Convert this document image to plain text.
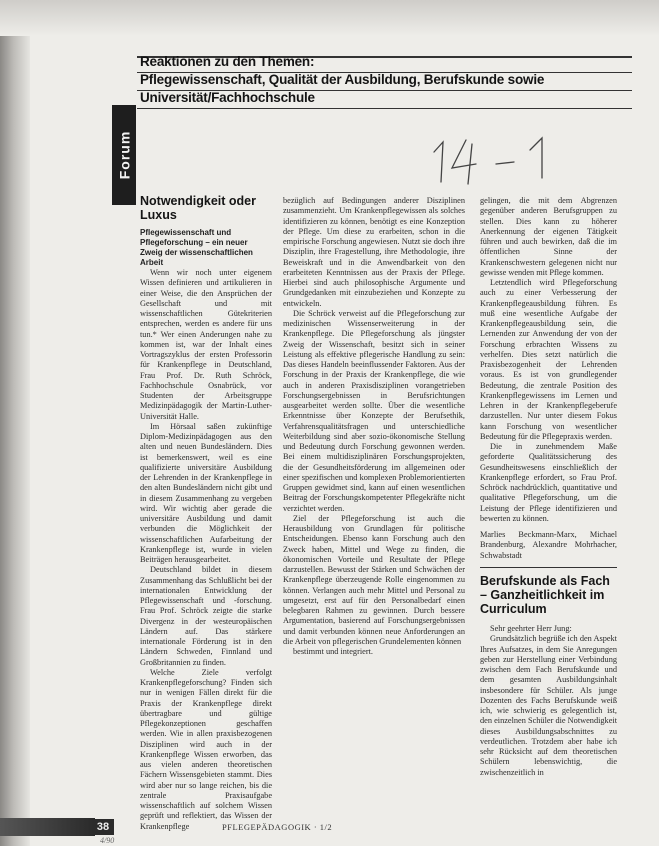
Reaktionen zu den Themen:
Pflegewissenschaft, Qualität der Ausbildung, Berufskunde sowie
Universität/Fachhochschule
Forum
Notwendigkeit oder Luxus
Pflegewissenschaft und Pflegeforschung – ein neuer Zweig der wissenschaftlichen Arbeit

Wenn wir noch unter eigenem Wissen definieren und artikulieren in einer Weise, die den Ansprüchen der Gesellschaft und mit wissenschaftlichen Gütekriterien entsprechen, werden es andere für uns tun.* Wer einen Anderungen nahe zu kommen ist, war der Inhalt eines Vortragszyklus der ersten Professorin für Krankenpflege in Deutschland, Frau Prof. Dr. Ruth Schröck, Fachhochschule Osnabrück, vor Studenten der Arbeitsgruppe Medizinpädagogik der Martin-Luther-Universität Halle.

Im Hörsaal saßen zukünftige Diplom-Medizinpädagogen aus den alten und neuen Bundesländern. Dies ist bemerkenswert, weil es eine qualifizierte universitäre Ausbildung der Lehrenden in der Krankenpflege in den alten Bundesländern nicht gibt und in diesem Zusammenhang zu vergeben wird. Wir wichtig aber gerade die universitäre Ausbildung und damit verbunden die Möglichkeit der wissenschaftlichen Aufarbeitung der Krankenpflege ist, wurde in vielen Beiträgen herausgearbeitet.

Deutschland bildet in diesem Zusammenhang das Schlußlicht bei der internationalen Entwicklung der Pflegewissenschaft und -forschung. Frau Prof. Schröck zeigte die starke Divergenz in der westeuropäischen Ländern auf. Das stärkere internationale Förderung ist in den Ländern Schweden, Finnland und Großbritannien zu finden.

Welche Ziele verfolgt Krankenpflegeforschung? Finden sich nur in wenigen Fällen direkt für die Praxis der Krankenpflege direkt übertragbare und gültige Pflegekonzeptionen geschaffen werden. Wie in allen praxisbezogenen Disziplinen wird auch in der Krankenpflege Wissen erworben, das aus vielen anderen theoretischen Fächern Wissensgebieten stammt. Dies wird aber nur so lange reichen, bis die zentrale Praxisaufgabe wissenschaftlich auf solchem Wissen geprüft und reflektiert, das Wissen der Krankenpflege

bezüglich auf Bedingungen anderer Disziplinen zusammenzieht. Um Krankenpflegewissen als solches identifizieren zu können, benötigt es eine Konzeption der Pflege. Um diese zu erarbeiten, schon in die empirische Forschung angewiesen. Nutzt sie doch ihre Disziplin, ihre Fragestellung, ihre Methodologie, ihre Beweiskraft und in die Anwendbarkeit von den erarbeiteten Kenntnissen aus der Praxis der Pflege. Hierbei sind auch philosophische Argumente und Grundgedanken mit einzubeziehen und Konzepte zu entwickeln.

Die Schröck verweist auf die Pflegeforschung zur medizinischen Wissenserweiterung in der Krankenpflege. Die Pflegeforschung als jüngster Zweig der Wissenschaft, besitzt sich in seiner Leistung als effektive pflegerische Handlung zu sein: Das dieses Handeln beeinflussender Faktoren. Aus der Forschung in der Praxis der Krankenpflege, die wie auch in anderen Praxisdisziplinen vorangetrieben Forschungsergebnissen in Berufsrichtungen ausgearbeitet werden sollte. Über die wesentliche Erkenntnisse über Konzepte der Berufsethik, Verfahrensqualitätsfragen und unterschiedliche Weiterbildung sind aber sozio-ökonomische Stellung und Bedeutung durch Forschung gewonnen werden. Bei einem multidisziplinären Forschungsprojekten, die der Gesundheitsförderung im allgemeinen oder einer spezifischen und komplexen Problemorientierten Gruppen gewidmet sind, kann auf einen wesentlichen Beitrag der Forschungskompetenter Pflegekräfte nicht verzichtet werden.

Ziel der Pflegeforschung ist auch die Herausbildung von Grundlagen für politische Entscheidungen. Ebenso kann Forschung auch den Zweck haben, Mittel und Wege zu finden, die ökonomischen Vorteile und Resultate der Pflege darzustellen. Bewusst der Stärken und Schwächen der Krankenpflege überzeugende Rolle eingenommen zu können. Verlangen auch mehr Mittel und Personal zu umgesetzt, erst auf für den Personalbedarf einen belegbaren Rahmen zu gewinnen. Durch bessere Argumentation, basierend auf Forschungsergebnissen und damit verbunden können neue Anforderungen an die Arbeit von pflegerischen Grundelementen können

bestimmt und integriert.

gelingen, die mit dem Abgrenzen gegenüber anderen Berufsgruppen zu stellen. Dies kann zu höherer Anerkennung der eigenen Tätigkeit führen und auch bewirken, daß die im öffentlichen Sinne der Krankenschwestern gelegenen nicht nur gewisse wenden mit Pflege kommen.

Letztendlich wird Pflegeforschung auch zu einer Verbesserung der Krankenpflegeausbildung führen. Es muß eine wesentliche Aufgabe der Krankenpflegeausbildung sein, die Lernenden zur Anwendung der von der Forschung erbrachten Wissens zu verhelfen. Dies setzt natürlich die Praxisbezogenheit der Lehrenden voraus. Es ist von grundlegender Bedeutung, die zentrale Position des Krankenpflegewissens im Lernen und Lehren in der Krankenpflegeberufe darzustellen. Nur unter diesem Fokus kann Forschung von wesentlicher Bedeutung für die Pflegepraxis werden.

Die in zunehmendem Maße geforderte Qualitätssicherung des Gesundheitswesens einschließlich der Krankenpflege erfordert, so Frau Prof. Schröck nachdrücklich, quantitative und qualitative Pflegeforschung, um die Leistung der Pflege identifizieren und bewerten zu können.

Marlies Beckmann-Marx, Michael Brandenburg, Alexandre Mohrhacher, Schwabstadt

Berufskunde als Fach – Ganzheitlichkeit im Curriculum

Sehr geehrter Herr Jung:

Grundsätzlich begrüße ich den Aspekt Ihres Aufsatzes, in dem Sie Anregungen geben zur Herstellung einer Verbindung zwischen dem Fach Berufskunde und dem gesamten Ausbildungsinhalt insbesondere für Schüler. Als junge Dozenten des Fachs Berufskunde weiß ich, wie schwierig es gelegentlich ist, den einzelnen Schüler die Notwendigkeit dieses Ausbildungsabschnittes zu verdeutlichen. Trotzdem aber habe ich sehr Rücksicht auf dem theoretischen Schülern lebenswichtig, die zwischenzeitlich in

38	PFLEGEPÄDAGOGIK · 1/2
4/90
